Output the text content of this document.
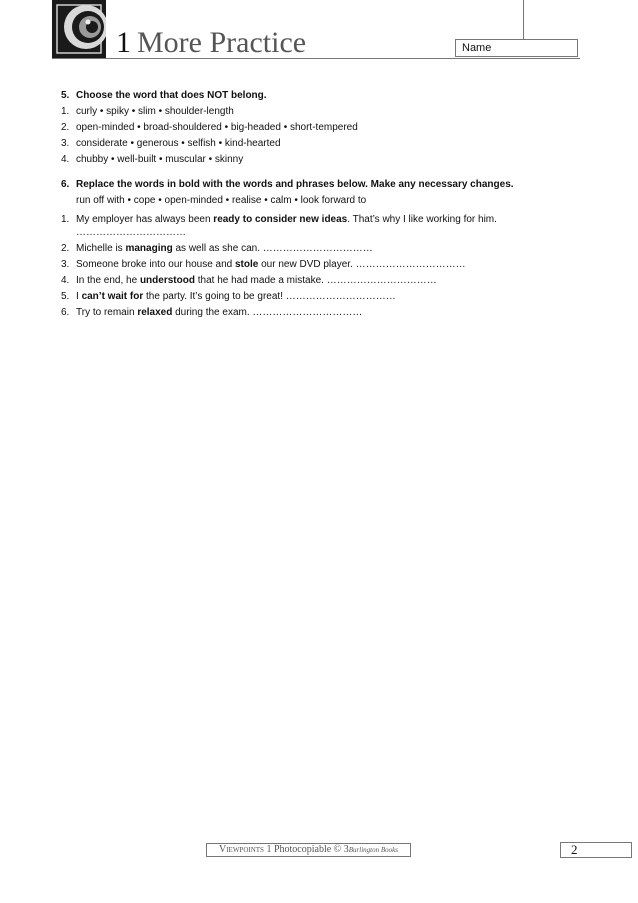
1 More Practice	Name
5. Choose the word that does NOT belong.
1. curly • spiky • slim • shoulder-length
2. open-minded • broad-shouldered • big-headed • short-tempered
3. considerate • generous • selfish • kind-hearted
4. chubby • well-built • muscular • skinny
6. Replace the words in bold with the words and phrases below. Make any necessary changes.
run off with • cope • open-minded • realise • calm • look forward to
1. My employer has always been ready to consider new ideas. That’s why I like working for him.
……………………………
2. Michelle is managing as well as she can. ……………………………
3. Someone broke into our house and stole our new DVD player. ……………………………
4. In the end, he understood that he had made a mistake. ……………………………
5. I can’t wait for the party. It’s going to be great! ……………………………
6. Try to remain relaxed during the exam. ……………………………
Viewpoints 1 Photocopiable © 3Burlington Books	2
